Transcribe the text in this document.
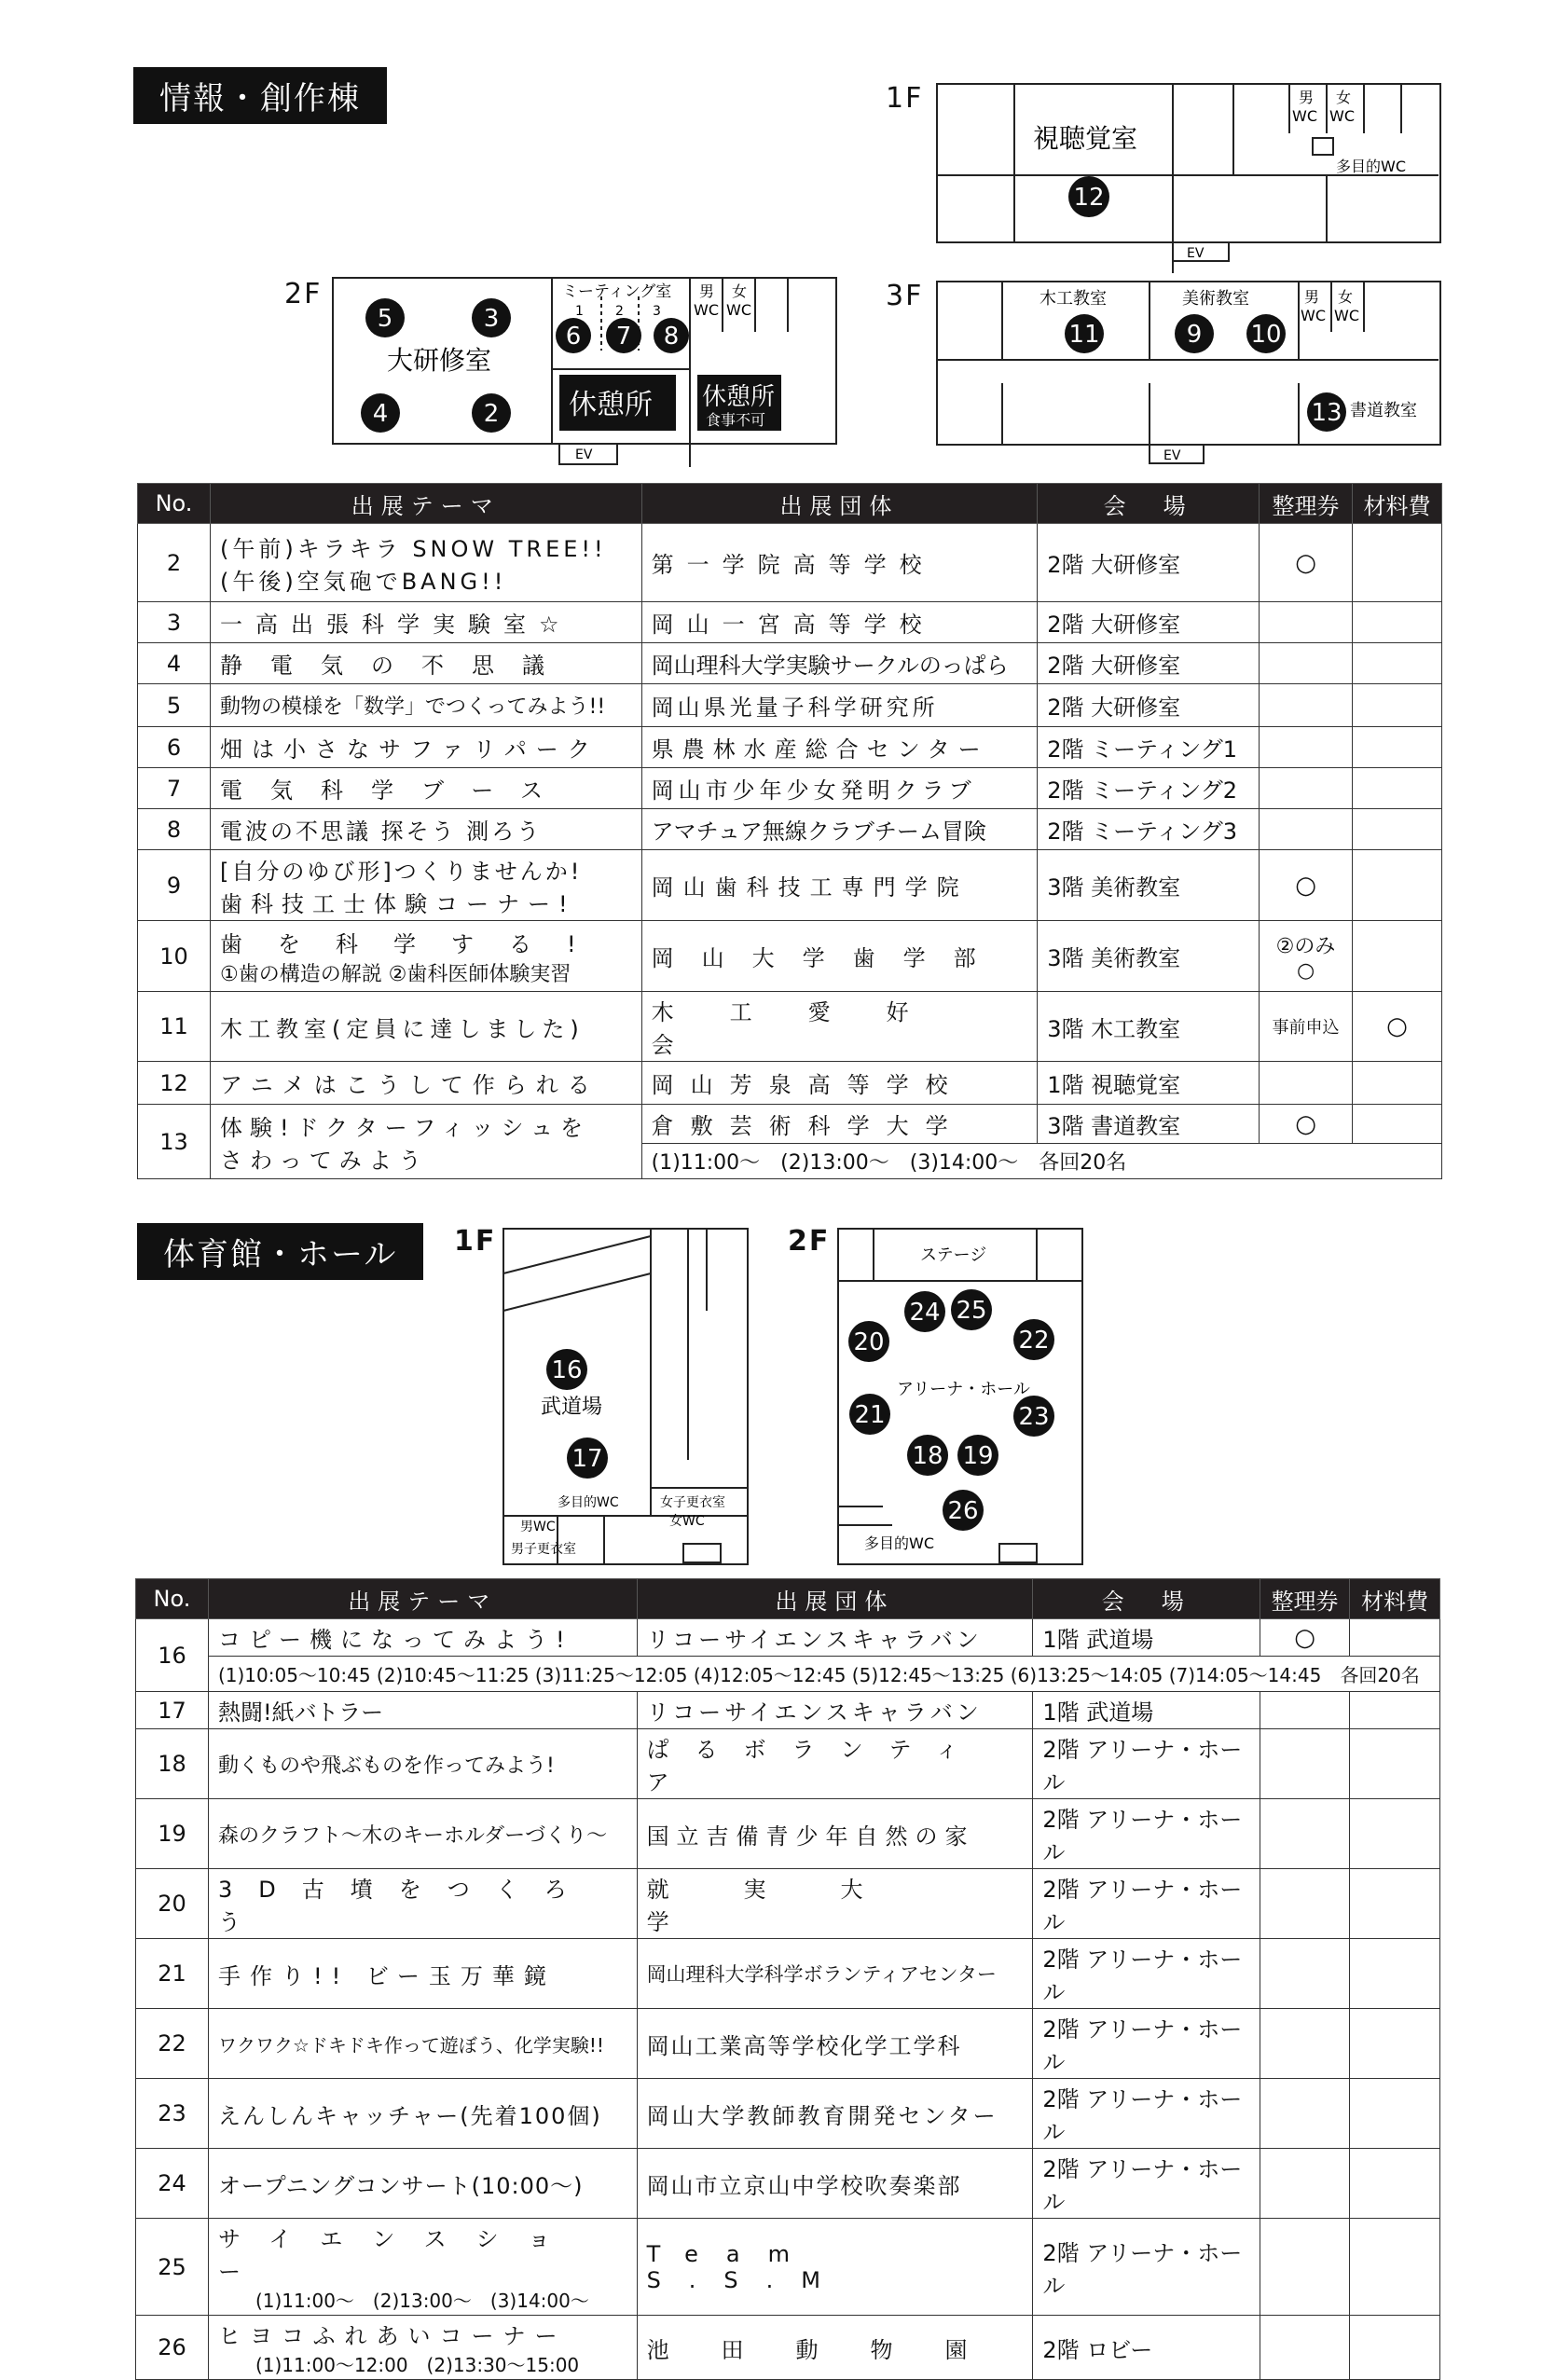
情報・創作棟	1F
2F	3F
視聴覚室
男
WC
女
WC
多目的WC
EV
12
大研修室
ミーティング室
1 2 3
休憩所 休憩所
食事不可
男
WC
女
WC
EV
5	3
4	2
6 7 8
木工教室	美術教室
書道教室
男
WC
女
WC
EV
11	9 10
13
No.	出展テーマ	出展団体	会　場	整理券	材料費
2	(午前)キラキラ SNOW TREE!!
(午後)空気砲でBANG!!	第一学院高等学校	2階 大研修室	○	
3	一高出張科学実験室☆	岡山一宮高等学校	2階 大研修室		
4	静電気の不思議	岡山理科大学実験サークルのっぱら	2階 大研修室		
5	動物の模様を「数学」でつくってみよう!!	岡山県光量子科学研究所	2階 大研修室		
6	畑は小さなサファリパーク	県農林水産総合センター	2階 ミーティング1		
7	電気科学ブース	岡山市少年少女発明クラブ	2階 ミーティング2		
8	電波の不思議 探そう 測ろう	アマチュア無線クラブチーム冒険	2階 ミーティング3		
9	[自分のゆび形]つくりませんか!
歯科技工士体験コーナー!	岡山歯科技工専門学院	3階 美術教室	○	
10	歯を科学する!
①歯の構造の解説 ②歯科医師体験実習	岡山大学歯学部	3階 美術教室	②のみ
○	
11	木工教室(定員に達しました)	木工愛好会	3階 木工教室	事前申込	○
12	アニメはこうして作られる	岡山芳泉高等学校	1階 視聴覚室		
13	体験!ドクターフィッシュを
さわってみよう	倉敷芸術科学大学	3階 書道教室	○	
		(1)11:00～　(2)13:00～　(3)14:00～　各回20名			
体育館・ホール	1F	2F
武道場
多目的WC
男WC
男子更衣室
女子更衣室
女WC
16
17
ステージ
アリーナ・ホール
多目的WC
24 25
20	22
21	23
18 19
26
No.	出展テーマ	出展団体	会　場	整理券	材料費
16	コピー機になってみよう!	リコーサイエンスキャラバン	1階 武道場	○	
	(1)10:05～10:45 (2)10:45～11:25 (3)11:25～12:05 (4)12:05～12:45 (5)12:45～13:25 (6)13:25～14:05 (7)14:05～14:45　各回20名				
17	熱闘!紙バトラー	リコーサイエンスキャラバン	1階 武道場		
18	動くものや飛ぶものを作ってみよう!	ぱるボランティア	2階 アリーナ・ホール		
19	森のクラフト～木のキーホルダーづくり～	国立吉備青少年自然の家	2階 アリーナ・ホール		
20	3D古墳をつくろう	就実大学	2階 アリーナ・ホール		
21	手作り!! ビー玉万華鏡	岡山理科大学科学ボランティアセンター	2階 アリーナ・ホール		
22	ワクワク☆ドキドキ作って遊ぼう、化学実験!!	岡山工業高等学校化学工学科	2階 アリーナ・ホール		
23	えんしんキャッチャー(先着100個)	岡山大学教師教育開発センター	2階 アリーナ・ホール		
24	オープニングコンサート(10:00～)	岡山市立京山中学校吹奏楽部	2階 アリーナ・ホール		
25	サイエンスショー
(1)11:00～　(2)13:00～　(3)14:00～	Team S.S.M	2階 アリーナ・ホール		
26	ヒヨコふれあいコーナー
(1)11:00～12:00　(2)13:30～15:00	池田動物園	2階 ロビー		
